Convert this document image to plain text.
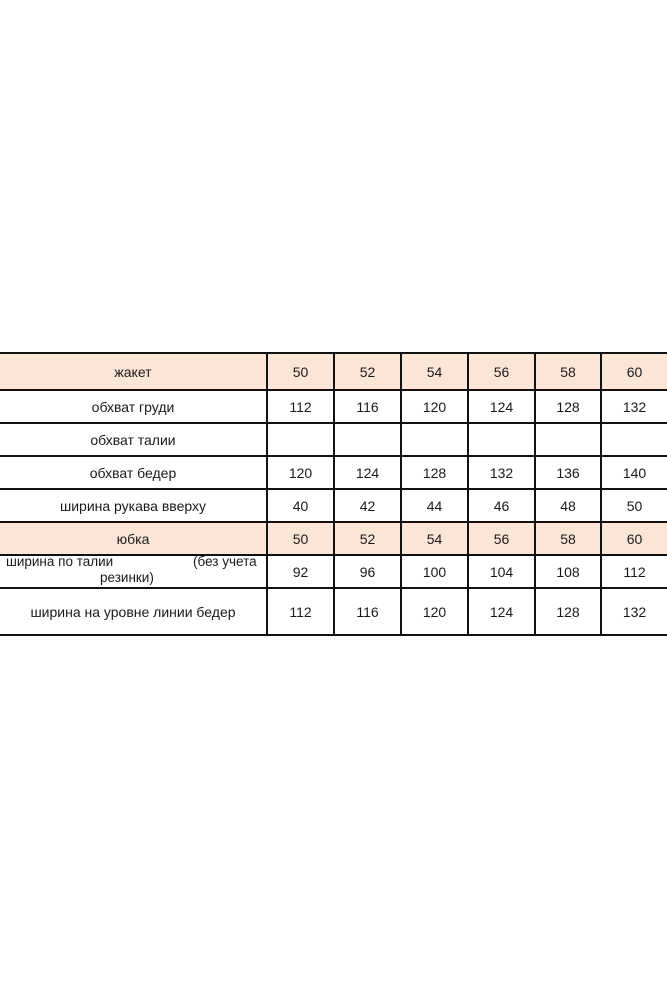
жакет	50	52	54	56	58	60
обхват груди	112	116	120	124	128	132
обхват талии						
обхват бедер	120	124	128	132	136	140
ширина рукава вверху	40	42	44	46	48	50
юбка	50	52	54	56	58	60

ширина по талии (без учета
резинки)	92	96	100	104	108	112
ширина на уровне линии бедер	112	116	120	124	128	132
